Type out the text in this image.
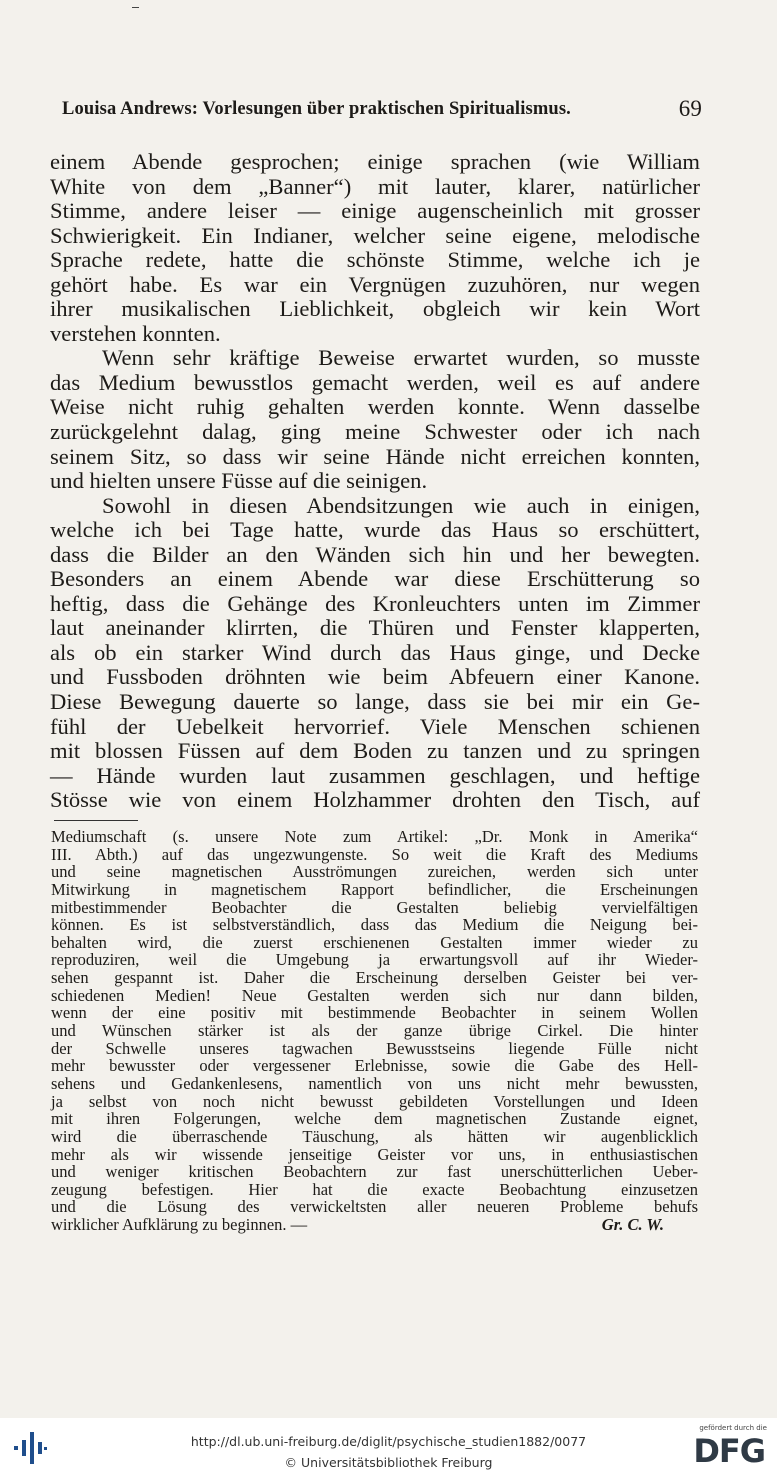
Louisa Andrews: Vorlesungen über praktischen Spiritualismus.	69
einem Abende gesprochen; einige sprachen (wie William
White von dem „Banner“) mit lauter, klarer, natürlicher
Stimme, andere leiser — einige augenscheinlich mit grosser
Schwierigkeit. Ein Indianer, welcher seine eigene, melodische
Sprache redete, hatte die schönste Stimme, welche ich je
gehört habe. Es war ein Vergnügen zuzuhören, nur wegen
ihrer musikalischen Lieblichkeit, obgleich wir kein Wort
verstehen konnten.
Wenn sehr kräftige Beweise erwartet wurden, so musste
das Medium bewusstlos gemacht werden, weil es auf andere
Weise nicht ruhig gehalten werden konnte. Wenn dasselbe
zurückgelehnt dalag, ging meine Schwester oder ich nach
seinem Sitz, so dass wir seine Hände nicht erreichen konnten,
und hielten unsere Füsse auf die seinigen.
Sowohl in diesen Abendsitzungen wie auch in einigen,
welche ich bei Tage hatte, wurde das Haus so erschüttert,
dass die Bilder an den Wänden sich hin und her bewegten.
Besonders an einem Abende war diese Erschütterung so
heftig, dass die Gehänge des Kronleuchters unten im Zimmer
laut aneinander klirrten, die Thüren und Fenster klapperten,
als ob ein starker Wind durch das Haus ginge, und Decke
und Fussboden dröhnten wie beim Abfeuern einer Kanone.
Diese Bewegung dauerte so lange, dass sie bei mir ein Ge-
fühl der Uebelkeit hervorrief. Viele Menschen schienen
mit blossen Füssen auf dem Boden zu tanzen und zu springen
— Hände wurden laut zusammen geschlagen, und heftige
Stösse wie von einem Holzhammer drohten den Tisch, auf
Mediumschaft (s. unsere Note zum Artikel: „Dr. Monk in Amerika“
III. Abth.) auf das ungezwungenste. So weit die Kraft des Mediums
und seine magnetischen Ausströmungen zureichen, werden sich unter
Mitwirkung in magnetischem Rapport befindlicher, die Erscheinungen
mitbestimmender Beobachter die Gestalten beliebig vervielfältigen
können. Es ist selbstverständlich, dass das Medium die Neigung bei-
behalten wird, die zuerst erschienenen Gestalten immer wieder zu
reproduziren, weil die Umgebung ja erwartungsvoll auf ihr Wieder-
sehen gespannt ist. Daher die Erscheinung derselben Geister bei ver-
schiedenen Medien! Neue Gestalten werden sich nur dann bilden,
wenn der eine positiv mit bestimmende Beobachter in seinem Wollen
und Wünschen stärker ist als der ganze übrige Cirkel. Die hinter
der Schwelle unseres tagwachen Bewusstseins liegende Fülle nicht
mehr bewusster oder vergessener Erlebnisse, sowie die Gabe des Hell-
sehens und Gedankenlesens, namentlich von uns nicht mehr bewussten,
ja selbst von noch nicht bewusst gebildeten Vorstellungen und Ideen
mit ihren Folgerungen, welche dem magnetischen Zustande eignet,
wird die überraschende Täuschung, als hätten wir augenblicklich
mehr als wir wissende jenseitige Geister vor uns, in enthusiastischen
und weniger kritischen Beobachtern zur fast unerschütterlichen Ueber-
zeugung befestigen. Hier hat die exacte Beobachtung einzusetzen
und die Lösung des verwickeltsten aller neueren Probleme behufs
wirklicher Aufklärung zu beginnen. —	Gr. C. W.
http://dl.ub.uni-freiburg.de/diglit/psychische_studien1882/0077
© Universitätsbibliothek Freiburg
gefördert durch die
DFG
